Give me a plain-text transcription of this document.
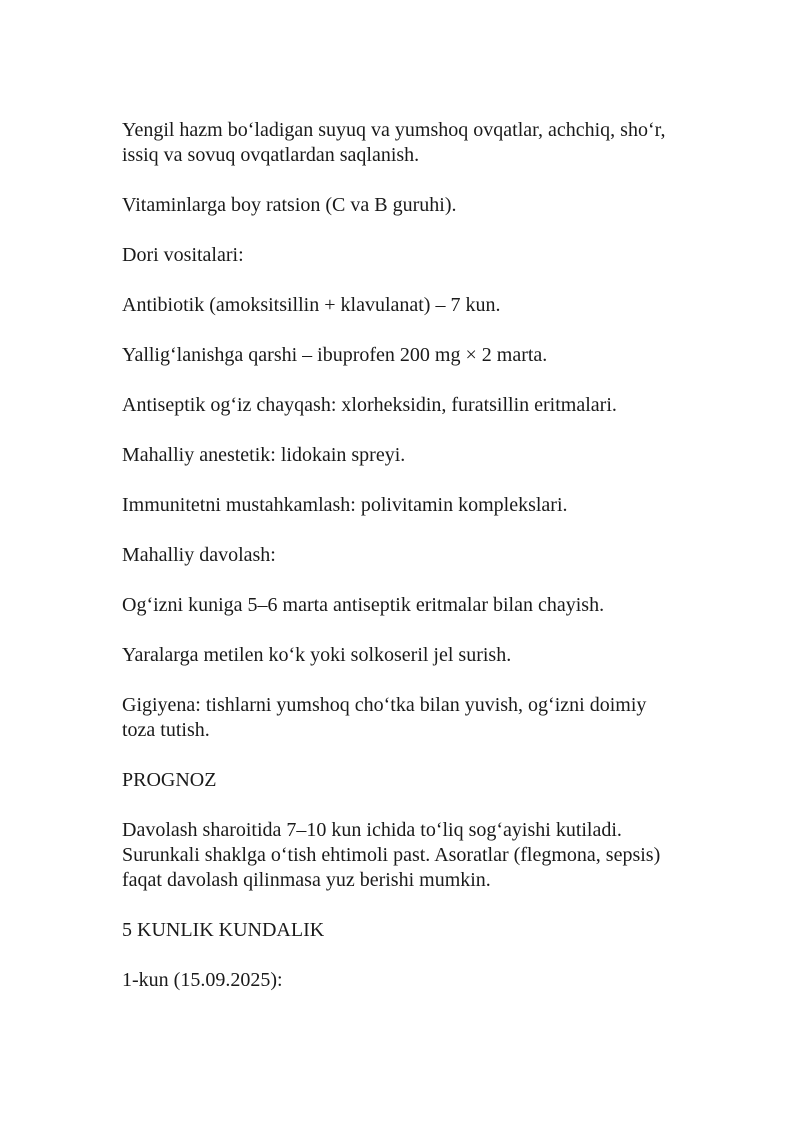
Yengil hazm bo‘ladigan suyuq va yumshoq ovqatlar, achchiq, sho‘r, issiq va sovuq ovqatlardan saqlanish.

Vitaminlarga boy ratsion (C va B guruhi).

Dori vositalari:

Antibiotik (amoksitsillin + klavulanat) – 7 kun.

Yallig‘lanishga qarshi – ibuprofen 200 mg × 2 marta.

Antiseptik og‘iz chayqash: xlorheksidin, furatsillin eritmalari.

Mahalliy anestetik: lidokain spreyi.

Immunitetni mustahkamlash: polivitamin komplekslari.

Mahalliy davolash:

Og‘izni kuniga 5–6 marta antiseptik eritmalar bilan chayish.

Yaralarga metilen ko‘k yoki solkoseril jel surish.

Gigiyena: tishlarni yumshoq cho‘tka bilan yuvish, og‘izni doimiy toza tutish.

PROGNOZ

Davolash sharoitida 7–10 kun ichida to‘liq sog‘ayishi kutiladi. Surunkali shaklga o‘tish ehtimoli past. Asoratlar (flegmona, sepsis) faqat davolash qilinmasa yuz berishi mumkin.

5 KUNLIK KUNDALIK

1-kun (15.09.2025):
